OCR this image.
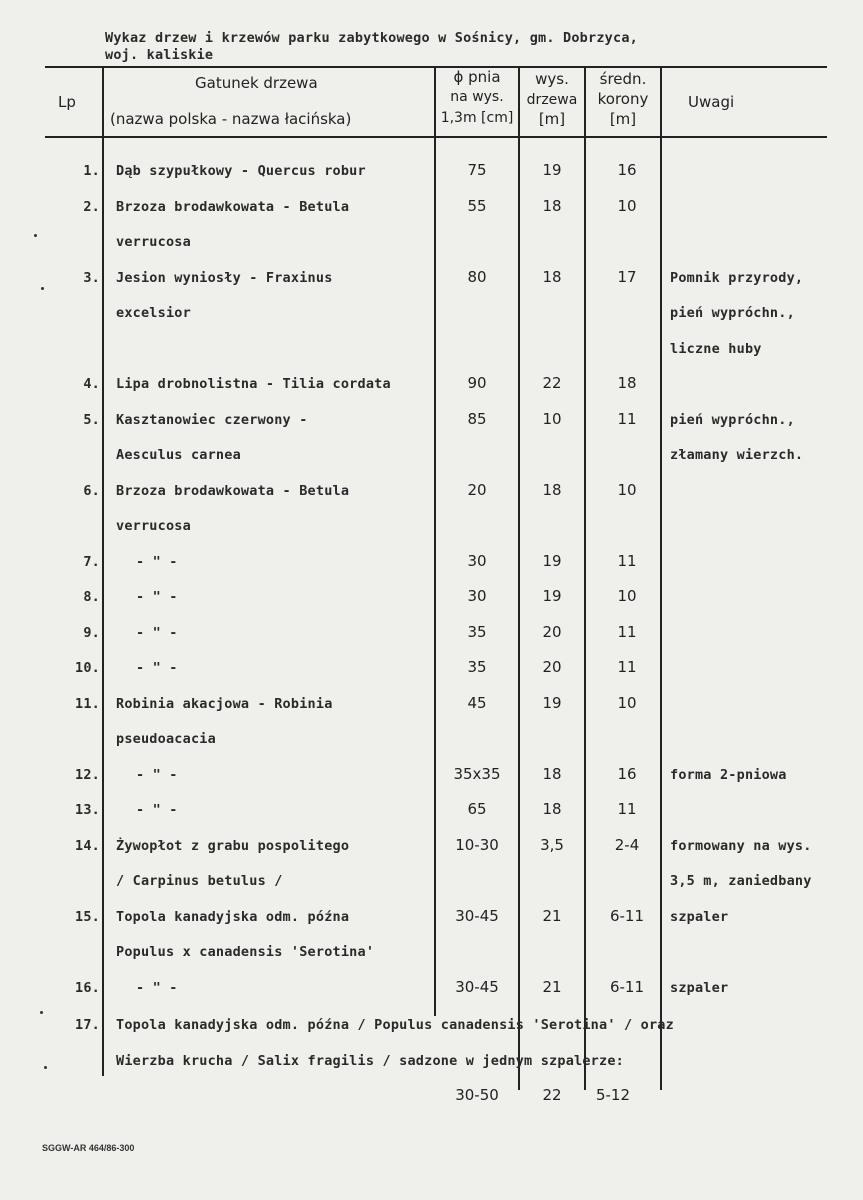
Wykaz drzew i krzewów parku zabytkowego w Sośnicy, gm. Dobrzyca,
woj. kaliskie
Lp
Gatunek drzewa
(nazwa polska - nazwa łacińska)
ϕ pnia
na wys.
1,3m [cm]
wys.
drzewa
[m]
średn.
korony
[m]
Uwagi
1. Dąb szypułkowy - Quercus robur	75	19	16
2. Brzoza brodawkowata - Betula
verrucosa
55	18	10
3. Jesion wyniosły - Fraxinus
excelsior
80	18	17	Pomnik przyrody,
pień wypróchn.,
liczne huby
4. Lipa drobnolistna - Tilia cordata	90	22	18
5. Kasztanowiec czerwony -
Aesculus carnea
85	10	11	pień wypróchn.,
złamany wierzch.
6. Brzoza brodawkowata - Betula
verrucosa
20	18	10
7.	- " -	30	19	11
8.	- " -	30	19	10
9.	- " -	35	20	11
10.	- " -	35	20	11
11. Robinia akacjowa - Robinia
pseudoacacia
45	19	10
12.	- " -	35x35	18	16	forma 2-pniowa
13.	- " -	65	18	11
14. Żywopłot z grabu pospolitego
/ Carpinus betulus /
10-30	3,5	2-4	formowany na wys.
3,5 m, zaniedbany
15. Topola kanadyjska odm. późna
Populus x canadensis 'Serotina'
30-45	21	6-11	szpaler
16.	- " -	30-45	21	6-11	szpaler
17. Topola kanadyjska odm. późna / Populus canadensis 'Serotina' / oraz
Wierzba krucha / Salix fragilis / sadzone w jednym szpalerze:
30-50	22	5-12
SGGW-AR 464/86-300
